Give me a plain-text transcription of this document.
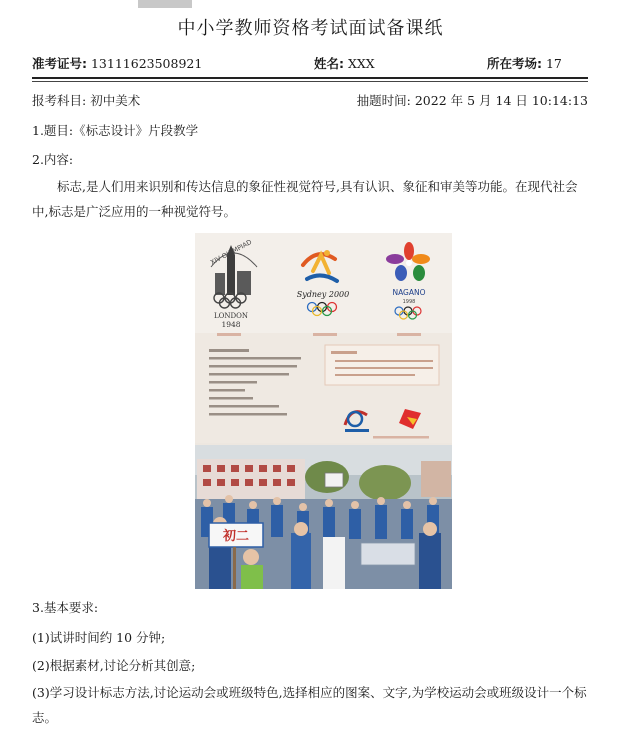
中小学教师资格考试面试备课纸
准考证号: 13111623508921	姓名: XXX	所在考场: 17
报考科目: 初中美术	抽题时间: 2022 年 5 月 14 日 10:14:13
1.题目:《标志设计》片段教学
2.内容:
标志,是人们用来识别和传达信息的象征性视觉符号,具有认识、象征和审美等功能。在现代社会中,标志是广泛应用的一种视觉符号。
XIV OLYMPIAD
LONDON
1948
Sydney 2000	NAGANO
1998
初二
3.基本要求:
(1)试讲时间约 10 分钟;
(2)根据素材,讨论分析其创意;
(3)学习设计标志方法,讨论运动会或班级特色,选择相应的图案、文字,为学校运动会或班级设计一个标志。
